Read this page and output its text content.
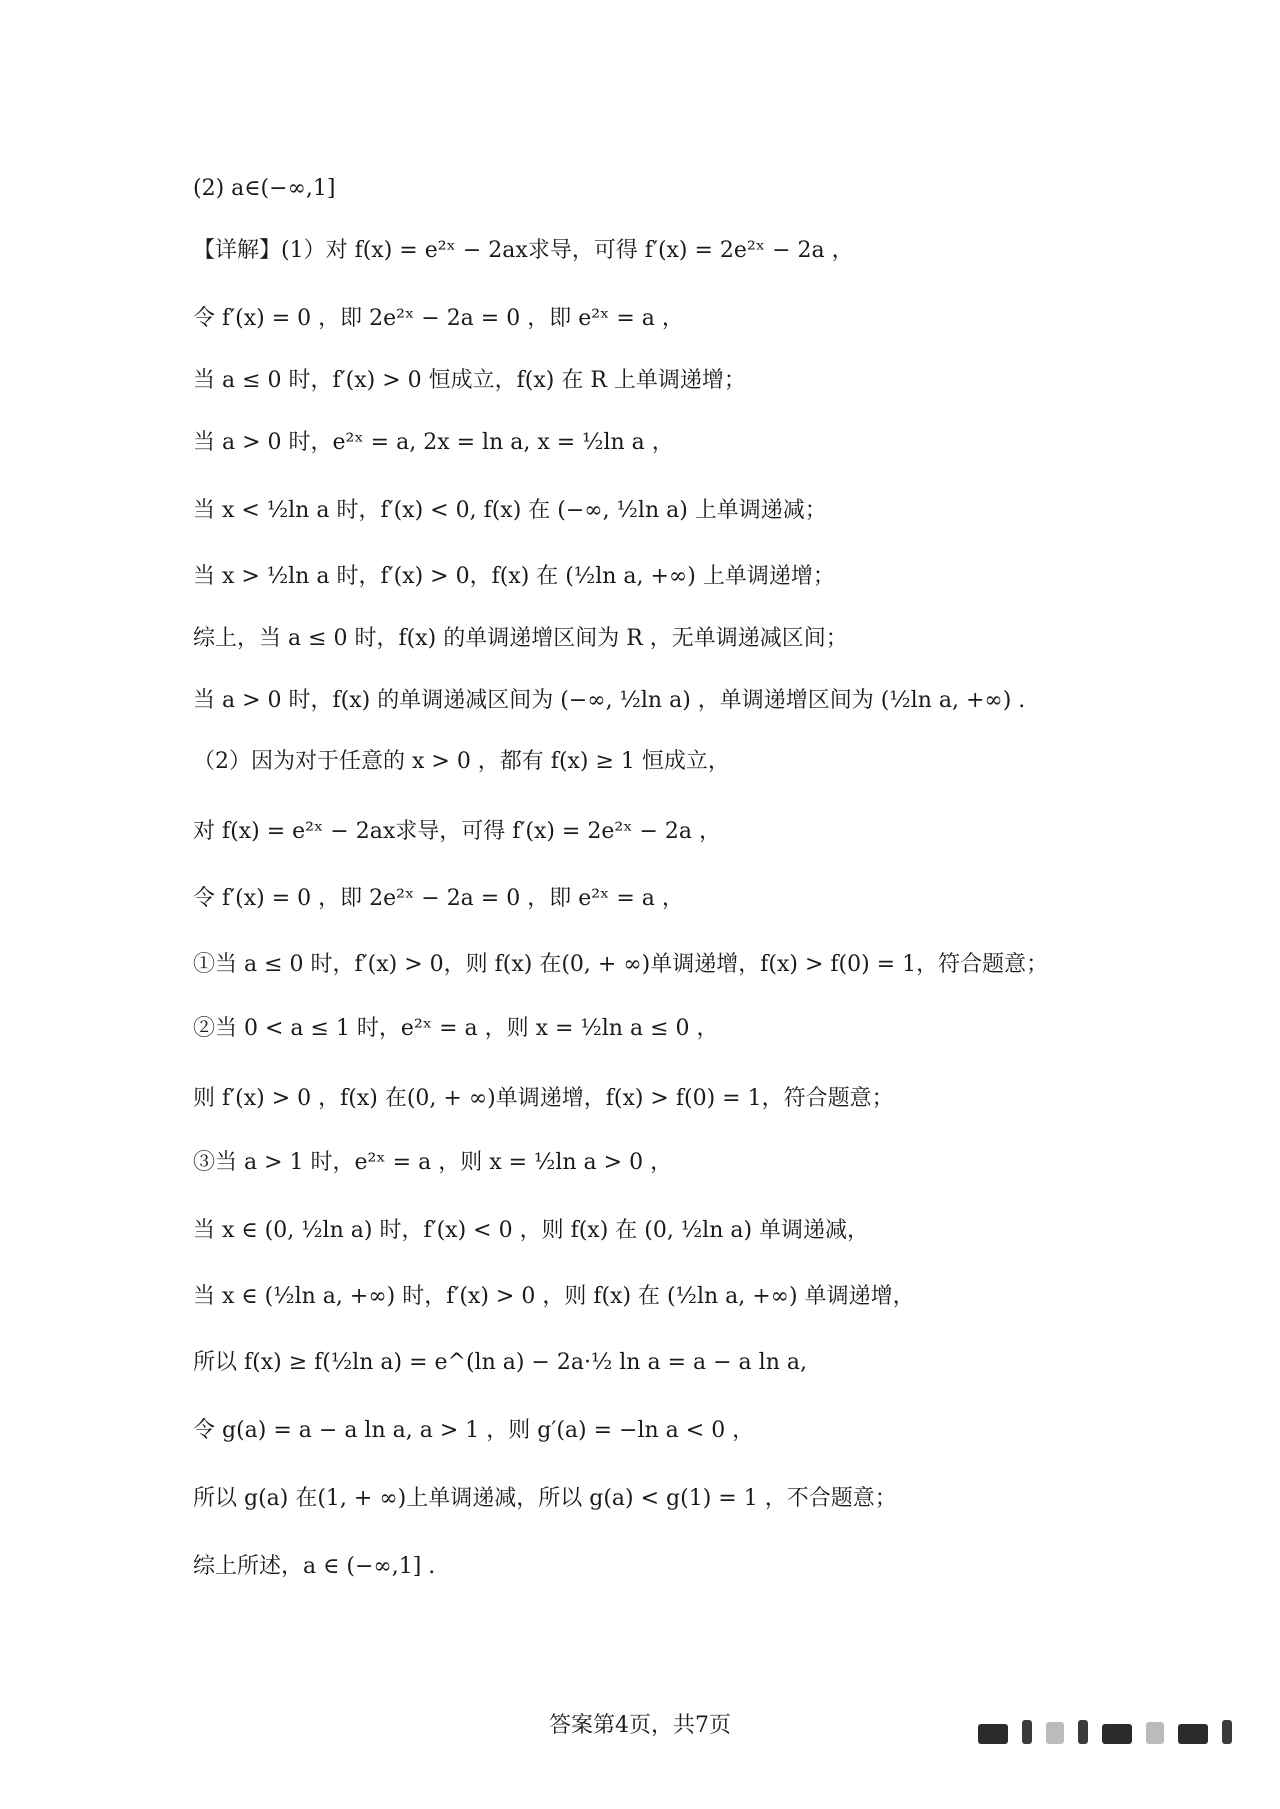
(2) a∈(−∞,1]
【详解】(1）对 f(x) = e²ˣ − 2ax求导，可得 f′(x) = 2e²ˣ − 2a ，
令 f′(x) = 0 ，即 2e²ˣ − 2a = 0 ，即 e²ˣ = a ，
当 a ≤ 0 时，f′(x) > 0 恒成立，f(x) 在 R 上单调递增；
当 a > 0 时，e²ˣ = a, 2x = ln a, x = ½ln a ，
当 x < ½ln a 时，f′(x) < 0, f(x) 在 (−∞, ½ln a) 上单调递减；
当 x > ½ln a 时，f′(x) > 0，f(x) 在 (½ln a, +∞) 上单调递增；
综上，当 a ≤ 0 时，f(x) 的单调递增区间为 R ，无单调递减区间；
当 a > 0 时，f(x) 的单调递减区间为 (−∞, ½ln a) ，单调递增区间为 (½ln a, +∞) .
（2）因为对于任意的 x > 0 ，都有 f(x) ≥ 1 恒成立，
对 f(x) = e²ˣ − 2ax求导，可得 f′(x) = 2e²ˣ − 2a ，
令 f′(x) = 0 ，即 2e²ˣ − 2a = 0 ，即 e²ˣ = a ，
①当 a ≤ 0 时，f′(x) > 0，则 f(x) 在(0, + ∞)单调递增，f(x) > f(0) = 1，符合题意；
②当 0 < a ≤ 1 时，e²ˣ = a ，则 x = ½ln a ≤ 0 ，
则 f′(x) > 0 ，f(x) 在(0, + ∞)单调递增，f(x) > f(0) = 1，符合题意；
③当 a > 1 时，e²ˣ = a ，则 x = ½ln a > 0 ，
当 x ∈ (0, ½ln a) 时，f′(x) < 0 ，则 f(x) 在 (0, ½ln a) 单调递减，
当 x ∈ (½ln a, +∞) 时，f′(x) > 0 ，则 f(x) 在 (½ln a, +∞) 单调递增，
所以 f(x) ≥ f(½ln a) = e^(ln a) − 2a·½ ln a = a − a ln a,
令 g(a) = a − a ln a, a > 1 ，则 g′(a) = −ln a < 0 ，
所以 g(a) 在(1, + ∞)上单调递减，所以 g(a) < g(1) = 1 ，不合题意；
综上所述，a ∈ (−∞,1] .
答案第4页，共7页
